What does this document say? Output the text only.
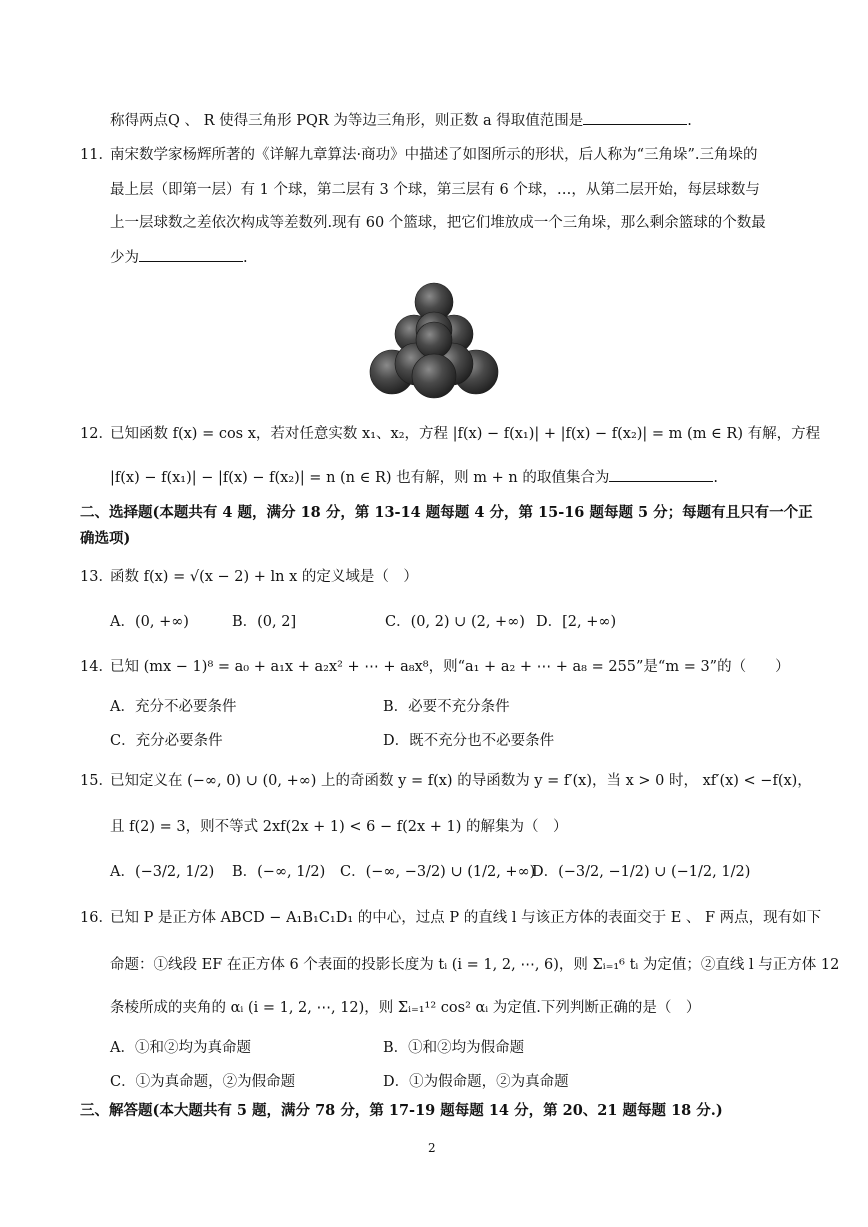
称得两点Q 、 R 使得三角形 PQR 为等边三角形，则正数 a 得取值范围是	.
11．
南宋数学家杨辉所著的《详解九章算法·商功》中描述了如图所示的形状，后人称为“三角垛”.三角垛的
最上层（即第一层）有 1 个球，第二层有 3 个球，第三层有 6 个球，…，从第二层开始，每层球数与
上一层球数之差依次构成等差数列.现有 60 个篮球，把它们堆放成一个三角垛，那么剩余篮球的个数最
少为	.
12．
已知函数 f(x) = cos x，若对任意实数 x₁、x₂，方程 |f(x) − f(x₁)| + |f(x) − f(x₂)| = m (m ∈ R) 有解，方程
|f(x) − f(x₁)| − |f(x) − f(x₂)| = n (n ∈ R) 也有解，则 m + n 的取值集合为	.
二、选择题(本题共有 4 题，满分 18 分，第 13-14 题每题 4 分，第 15-16 题每题 5 分；每题有且只有一个正
确选项)
13．
函数 f(x) = √(x − 2) + ln x 的定义域是（　）
A．(0, +∞)	B．(0, 2]	C．(0, 2) ∪ (2, +∞) D．[2, +∞)
14．
已知 (mx − 1)⁸ = a₀ + a₁x + a₂x² + ⋯ + a₈x⁸，则“a₁ + a₂ + ⋯ + a₈ = 255”是“m = 3”的（　　）
A．充分不必要条件	B．必要不充分条件
C．充分必要条件	D．既不充分也不必要条件
15．
已知定义在 (−∞, 0) ∪ (0, +∞) 上的奇函数 y = f(x) 的导函数为 y = f′(x)，当 x > 0 时， xf′(x) < −f(x)，
且 f(2) = 3，则不等式 2xf(2x + 1) < 6 − f(2x + 1) 的解集为（　）
A．(−3/2, 1/2) B．(−∞, 1/2) C．(−∞, −3/2) ∪ (1/2, +∞)
D．(−3/2, −1/2) ∪ (−1/2, 1/2)
16．
已知 P 是正方体 ABCD − A₁B₁C₁D₁ 的中心，过点 P 的直线 l 与该正方体的表面交于 E 、 F 两点，现有如下
命题：①线段 EF 在正方体 6 个表面的投影长度为 tᵢ (i = 1, 2, ⋯, 6)，则 Σᵢ₌₁⁶ tᵢ 为定值；②直线 l 与正方体 12
条棱所成的夹角的 αᵢ (i = 1, 2, ⋯, 12)，则 Σᵢ₌₁¹² cos² αᵢ 为定值.下列判断正确的是（　）
A．①和②均为真命题	B．①和②均为假命题
C．①为真命题，②为假命题	D．①为假命题，②为真命题
三、解答题(本大题共有 5 题，满分 78 分，第 17-19 题每题 14 分，第 20、21 题每题 18 分.)
2
